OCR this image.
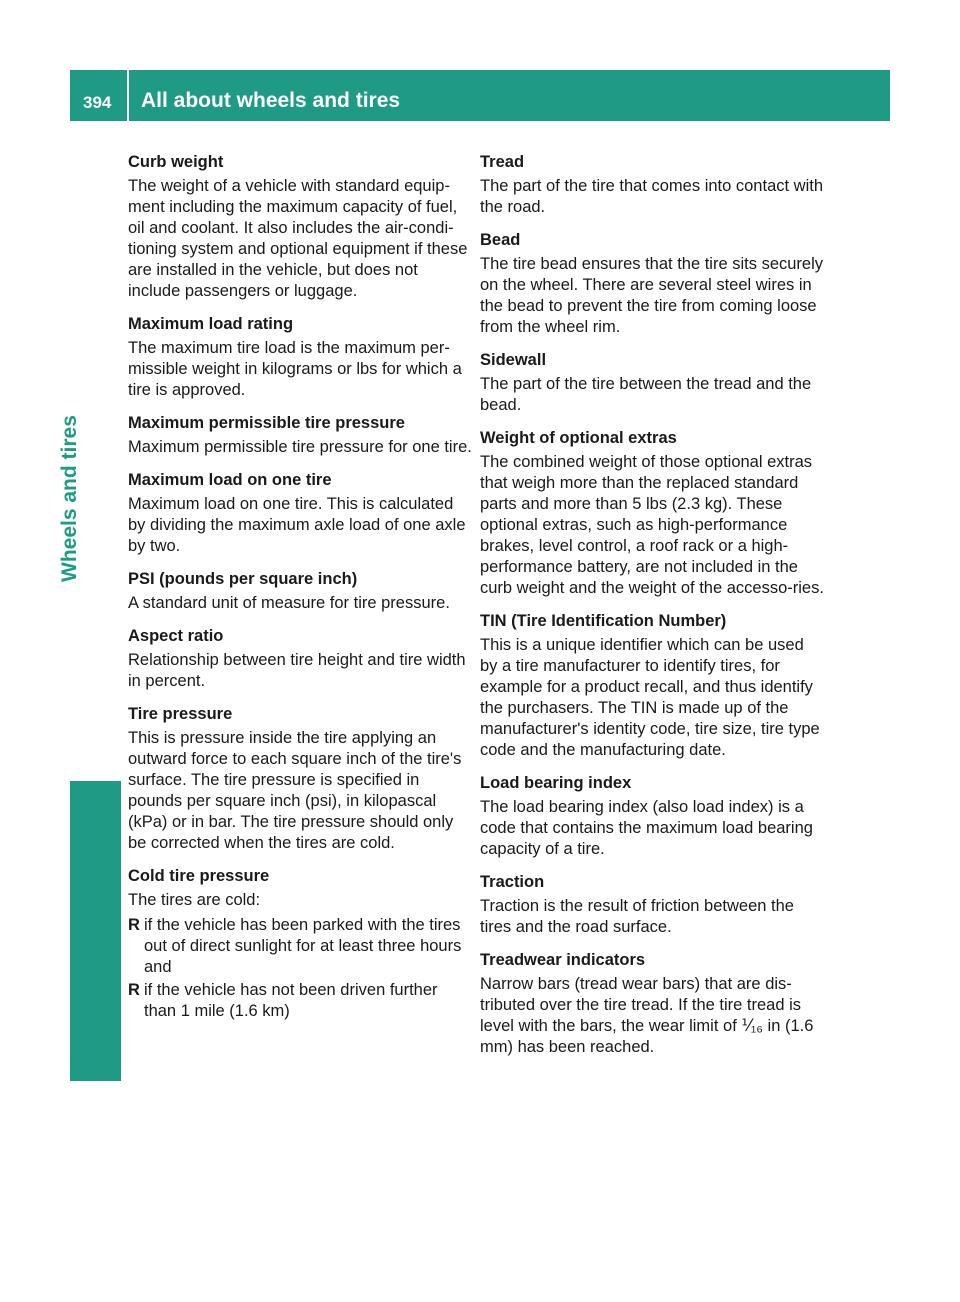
394 All about wheels and tires
Wheels and tires

Curb weight

The weight of a vehicle with standard equip-ment including the maximum capacity of fuel, oil and coolant. It also includes the air-condi-tioning system and optional equipment if these are installed in the vehicle, but does not include passengers or luggage.

Maximum load rating

The maximum tire load is the maximum per-missible weight in kilograms or lbs for which a tire is approved.

Maximum permissible tire pressure

Maximum permissible tire pressure for one tire.

Maximum load on one tire

Maximum load on one tire. This is calculated by dividing the maximum axle load of one axle by two.

PSI (pounds per square inch)

A standard unit of measure for tire pressure.

Aspect ratio

Relationship between tire height and tire width in percent.

Tire pressure

This is pressure inside the tire applying an outward force to each square inch of the tire's surface. The tire pressure is specified in pounds per square inch (psi), in kilopascal (kPa) or in bar. The tire pressure should only be corrected when the tires are cold.

Cold tire pressure

The tires are cold:

R if the vehicle has been parked with the tires out of direct sunlight for at least three hours and
R if the vehicle has not been driven further than 1 mile (1.6 km)

Tread

The part of the tire that comes into contact with the road.

Bead

The tire bead ensures that the tire sits securely on the wheel. There are several steel wires in the bead to prevent the tire from coming loose from the wheel rim.

Sidewall

The part of the tire between the tread and the bead.

Weight of optional extras

The combined weight of those optional extras that weigh more than the replaced standard parts and more than 5 lbs (2.3 kg). These optional extras, such as high-performance brakes, level control, a roof rack or a high-performance battery, are not included in the curb weight and the weight of the accesso-ries.

TIN (Tire Identification Number)

This is a unique identifier which can be used by a tire manufacturer to identify tires, for example for a product recall, and thus identify the purchasers. The TIN is made up of the manufacturer's identity code, tire size, tire type code and the manufacturing date.

Load bearing index

The load bearing index (also load index) is a code that contains the maximum load bearing capacity of a tire.

Traction

Traction is the result of friction between the tires and the road surface.

Treadwear indicators

Narrow bars (tread wear bars) that are dis-tributed over the tire tread. If the tire tread is level with the bars, the wear limit of ⅟₁₆ in (1.6 mm) has been reached.
